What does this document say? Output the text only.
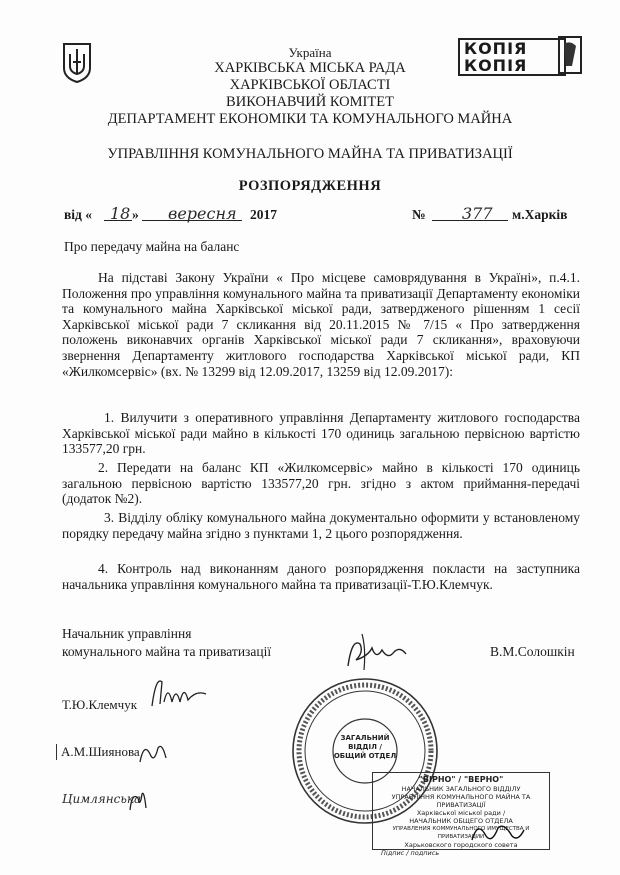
КОПІЯ
КОПІЯ
Україна
ХАРКІВСЬКА МІСЬКА РАДА
ХАРКІВСЬКОЇ ОБЛАСТІ
ВИКОНАВЧИЙ КОМІТЕТ
ДЕПАРТАМЕНТ ЕКОНОМІКИ ТА КОМУНАЛЬНОГО МАЙНА
УПРАВЛІННЯ КОМУНАЛЬНОГО МАЙНА ТА ПРИВАТИЗАЦІЇ
РОЗПОРЯДЖЕННЯ
від « 18 » вересня 2017	№ 377 м.Харків
Про передачу майна на баланс
На підставі Закону України « Про місцеве самоврядування в Україні», п.4.1. Положення про управління комунального майна та приватизації Департаменту економіки та комунального майна Харківської міської ради, затвердженого рішенням 1 сесії Харківської міської ради 7 скликання від 20.11.2015 № 7/15 « Про затвердження положень виконавчих органів Харківської міської ради 7 скликання», враховуючи звернення Департаменту житлового господарства Харківської міської ради, КП «Жилкомсервіс» (вх. № 13299 від 12.09.2017, 13259 від 12.09.2017):
1. Вилучити з оперативного управління Департаменту житлового господарства Харківської міської ради майно в кількості 170 одиниць загальною первісною вартістю 133577,20 грн.
2. Передати на баланс КП «Жилкомсервіс» майно в кількості 170 одиниць загальною первісною вартістю 133577,20 грн. згідно з актом приймання-передачі (додаток №2).
3. Відділу обліку комунального майна документально оформити у встановленому порядку передачу майна згідно з пунктами 1, 2 цього розпорядження.
4. Контроль над виконанням даного розпорядження покласти на заступника начальника управління комунального майна та приватизації-Т.Ю.Клемчук.
Начальник управління
комунального майна та приватизації	В.М.Солошкін
Т.Ю.Клемчук
А.М.Шиянова
Цимлянська
ЗАГАЛЬНИЙ
ВІДДІЛ /
ОБЩИЙ ОТДЕЛ
"ВІРНО" / "ВЕРНО"
НАЧАЛЬНИК ЗАГАЛЬНОГО ВІДДІЛУ
УПРАВЛІННЯ КОМУНАЛЬНОГО МАЙНА ТА ПРИВАТИЗАЦІЇ
Харківської міської ради /
НАЧАЛЬНИК ОБЩЕГО ОТДЕЛА
УПРАВЛЕНИЯ КОММУНАЛЬНОГО ИМУЩЕСТВА И ПРИВАТИЗАЦИИ
Харьковского городского совета
Підпис / подпись
